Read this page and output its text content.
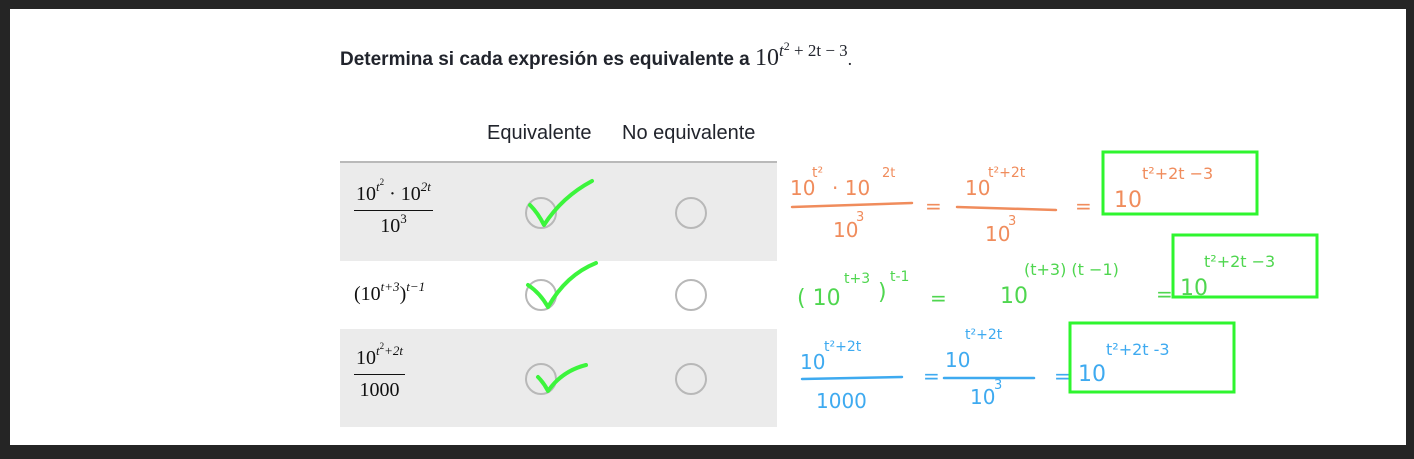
Determina si cada expresión es equivalente a $10^{t^2 + 2t - 3}$.
Equivalente No equivalente
$\frac{10^{t^2} \cdot 10^{2t}}{10^3}$
$(10^{t+3})^{t-1}$
$\frac{10^{t^2+2t}}{1000}$
10
t²
· 10
2t
10
3	=
10
t²+2t
10
3
= 10
t²+2t −3
( 10
t+3
)
t-1
= 10
(t+3) (t −1)
= 10
t²+2t −3
10
t²+2t
1000
=
10
t²+2t
10
3	= 10
t²+2t -3
